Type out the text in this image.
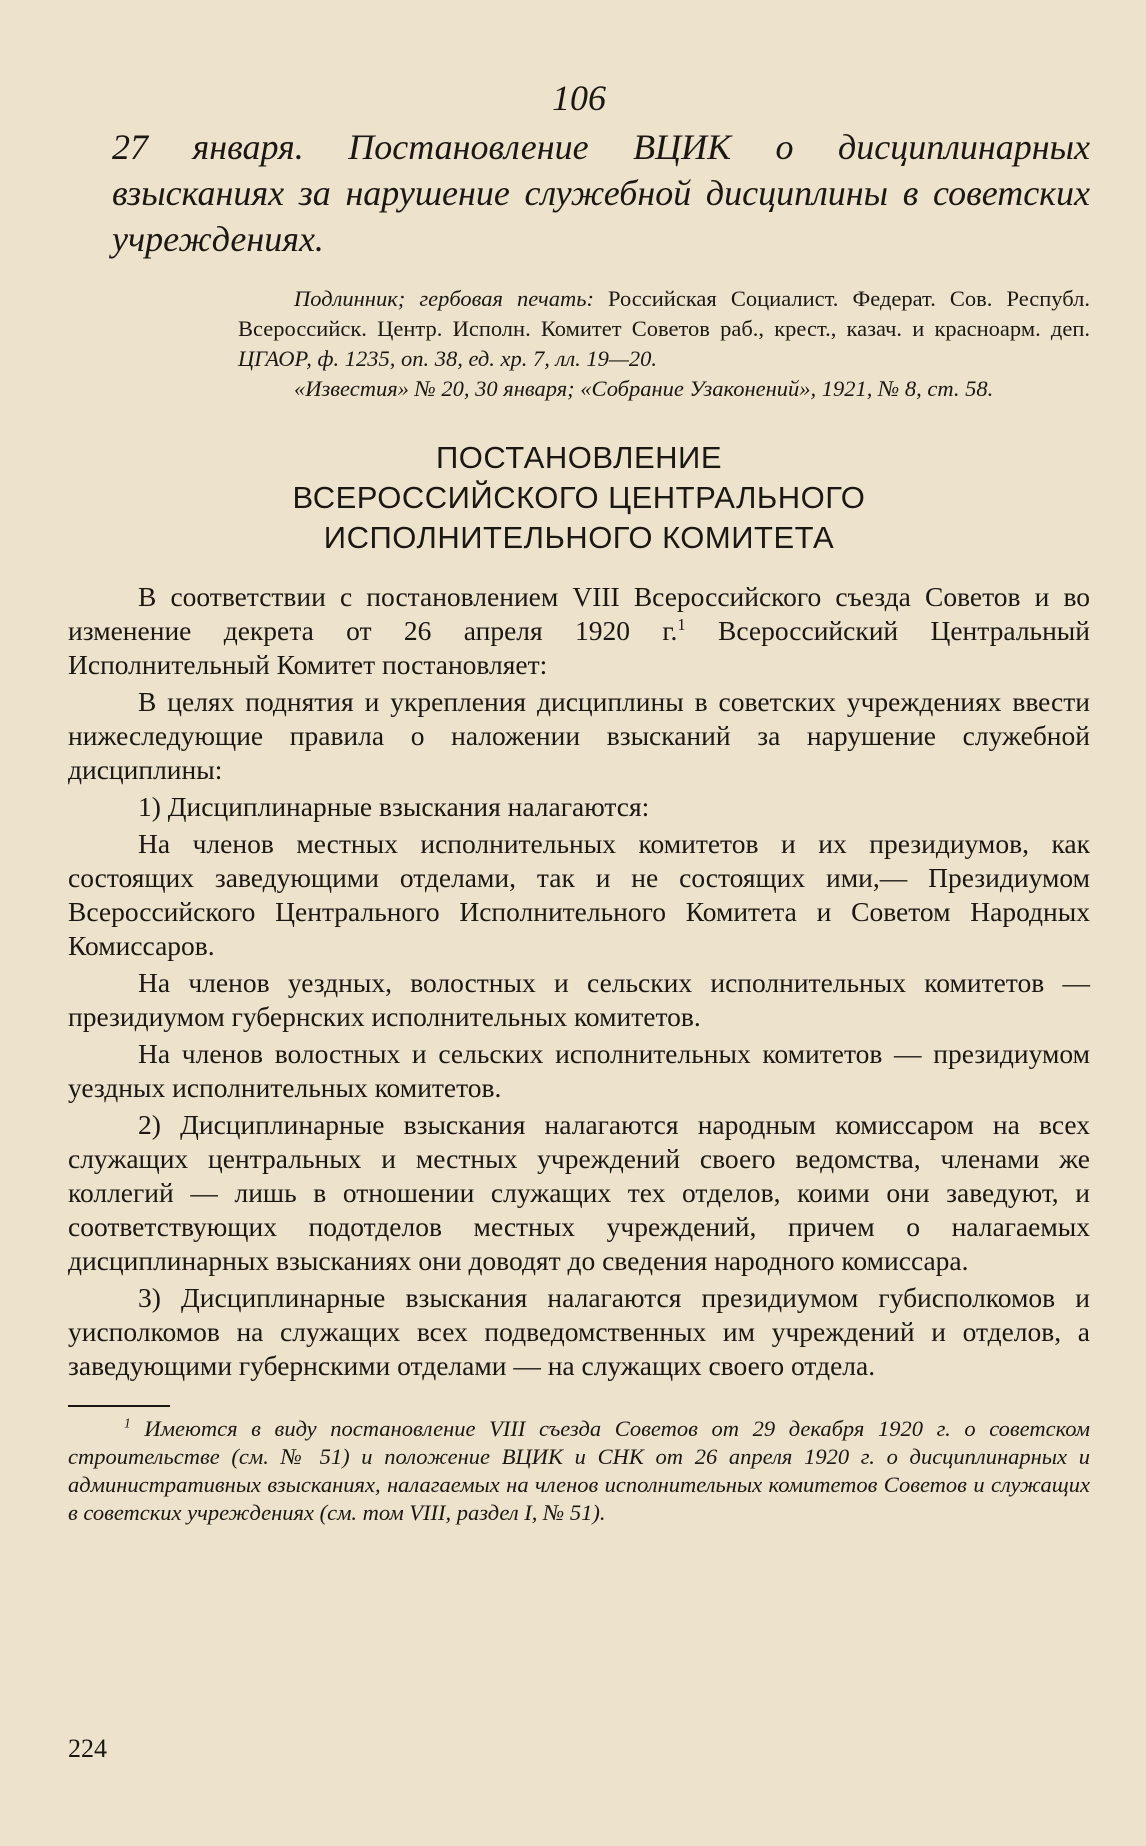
106

27 января. Постановление ВЦИК о дисциплинарных взысканиях за нарушение служебной дисциплины в советских учреждениях.

Подлинник; гербовая печать: Российская Социалист. Федерат. Сов. Республ. Всероссийск. Центр. Исполн. Комитет Советов раб., крест., казач. и красноарм. деп. ЦГАОР, ф. 1235, оп. 38, ед. хр. 7, лл. 19—20.

«Известия» № 20, 30 января; «Собрание Узаконений», 1921, № 8, ст. 58.

ПОСТАНОВЛЕНИЕ
ВСЕРОССИЙСКОГО ЦЕНТРАЛЬНОГО
ИСПОЛНИТЕЛЬНОГО КОМИТЕТА

В соответствии с постановлением VIII Всероссийского съезда Советов и во изменение декрета от 26 апреля 1920 г.$^1$ Всероссийский Центральный Исполнительный Комитет постановляет:

В целях поднятия и укрепления дисциплины в советских учреждениях ввести нижеследующие правила о наложении взысканий за нарушение служебной дисциплины:

1) Дисциплинарные взыскания налагаются:

На членов местных исполнительных комитетов и их президиумов, как состоящих заведующими отделами, так и не состоящих ими,— Президиумом Всероссийского Центрального Исполнительного Комитета и Советом Народных Комиссаров.

На членов уездных, волостных и сельских исполнительных комитетов — президиумом губернских исполнительных комитетов.

На членов волостных и сельских исполнительных комитетов — президиумом уездных исполнительных комитетов.

2) Дисциплинарные взыскания налагаются народным комиссаром на всех служащих центральных и местных учреждений своего ведомства, членами же коллегий — лишь в отношении служащих тех отделов, коими они заведуют, и соответствующих подотделов местных учреждений, причем о налагаемых дисциплинарных взысканиях они доводят до сведения народного комиссара.

3) Дисциплинарные взыскания налагаются президиумом губисполкомов и уисполкомов на служащих всех подведомственных им учреждений и отделов, а заведующими губернскими отделами — на служащих своего отдела.

$^1$ Имеются в виду постановление VIII съезда Советов от 29 декабря 1920 г. о советском строительстве (см. № 51) и положение ВЦИК и СНК от 26 апреля 1920 г. о дисциплинарных и административных взысканиях, налагаемых на членов исполнительных комитетов Советов и служащих в советских учреждениях (см. том VIII, раздел I, № 51).

224
